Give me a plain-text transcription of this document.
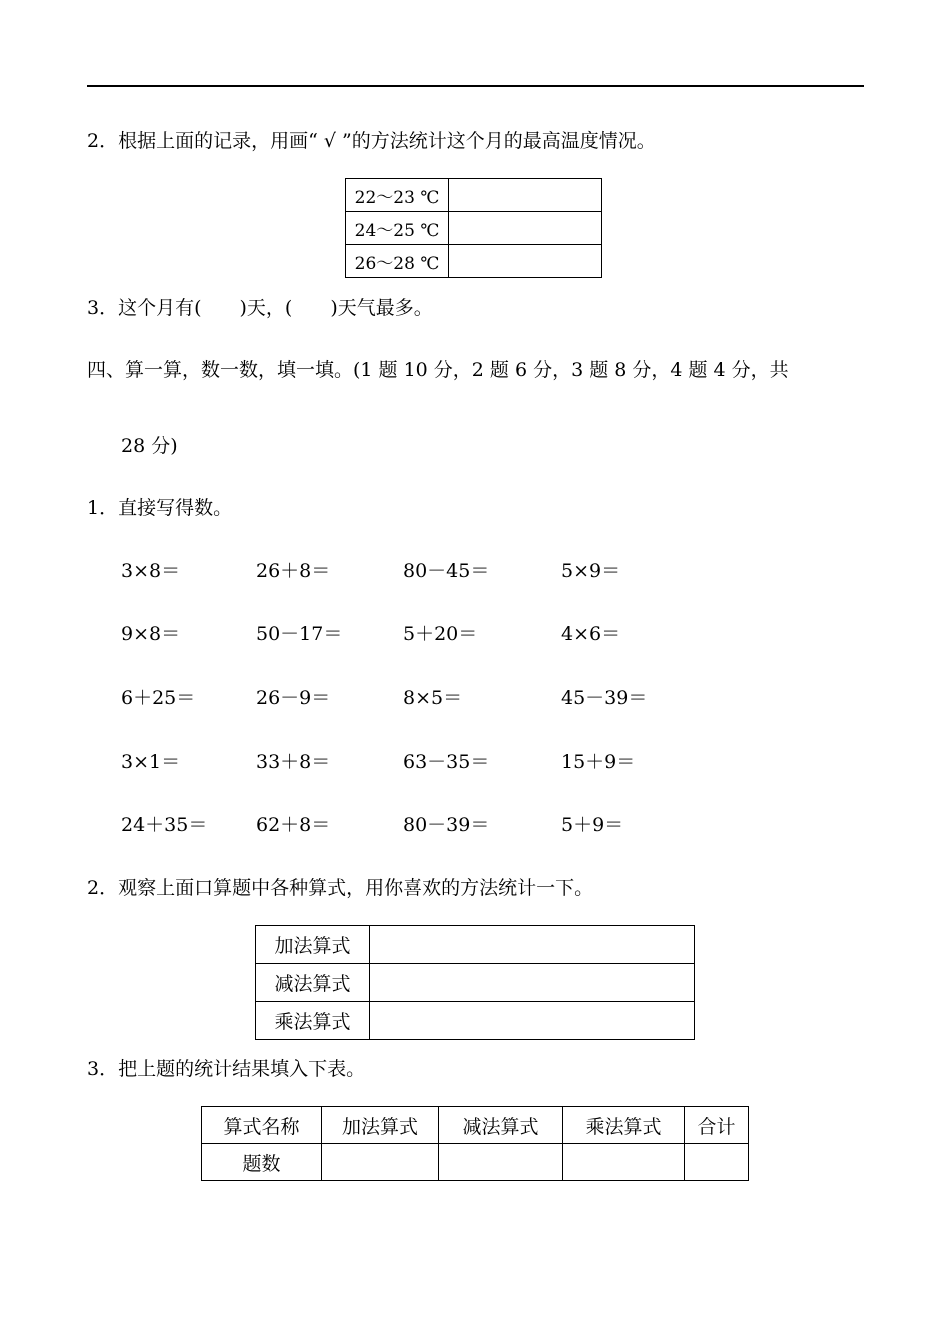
2．根据上面的记录，用画“ √ ”的方法统计这个月的最高温度情况。
22～23 ℃	
24～25 ℃	
26～28 ℃	
3．这个月有(　　)天，(　　)天气最多。
四、算一算，数一数，填一填。(1 题 10 分，2 题 6 分，3 题 8 分，4 题 4 分，共
28 分)
1．直接写得数。
3×8＝	26＋8＝	80－45＝	5×9＝
9×8＝	50－17＝	5＋20＝	4×6＝
6＋25＝	26－9＝	8×5＝	45－39＝
3×1＝	33＋8＝	63－35＝	15＋9＝
24＋35＝	62＋8＝	80－39＝	5＋9＝
2．观察上面口算题中各种算式，用你喜欢的方法统计一下。
加法算式	
减法算式	
乘法算式	
3．把上题的统计结果填入下表。
算式名称	加法算式	减法算式	乘法算式	合计
题数				
